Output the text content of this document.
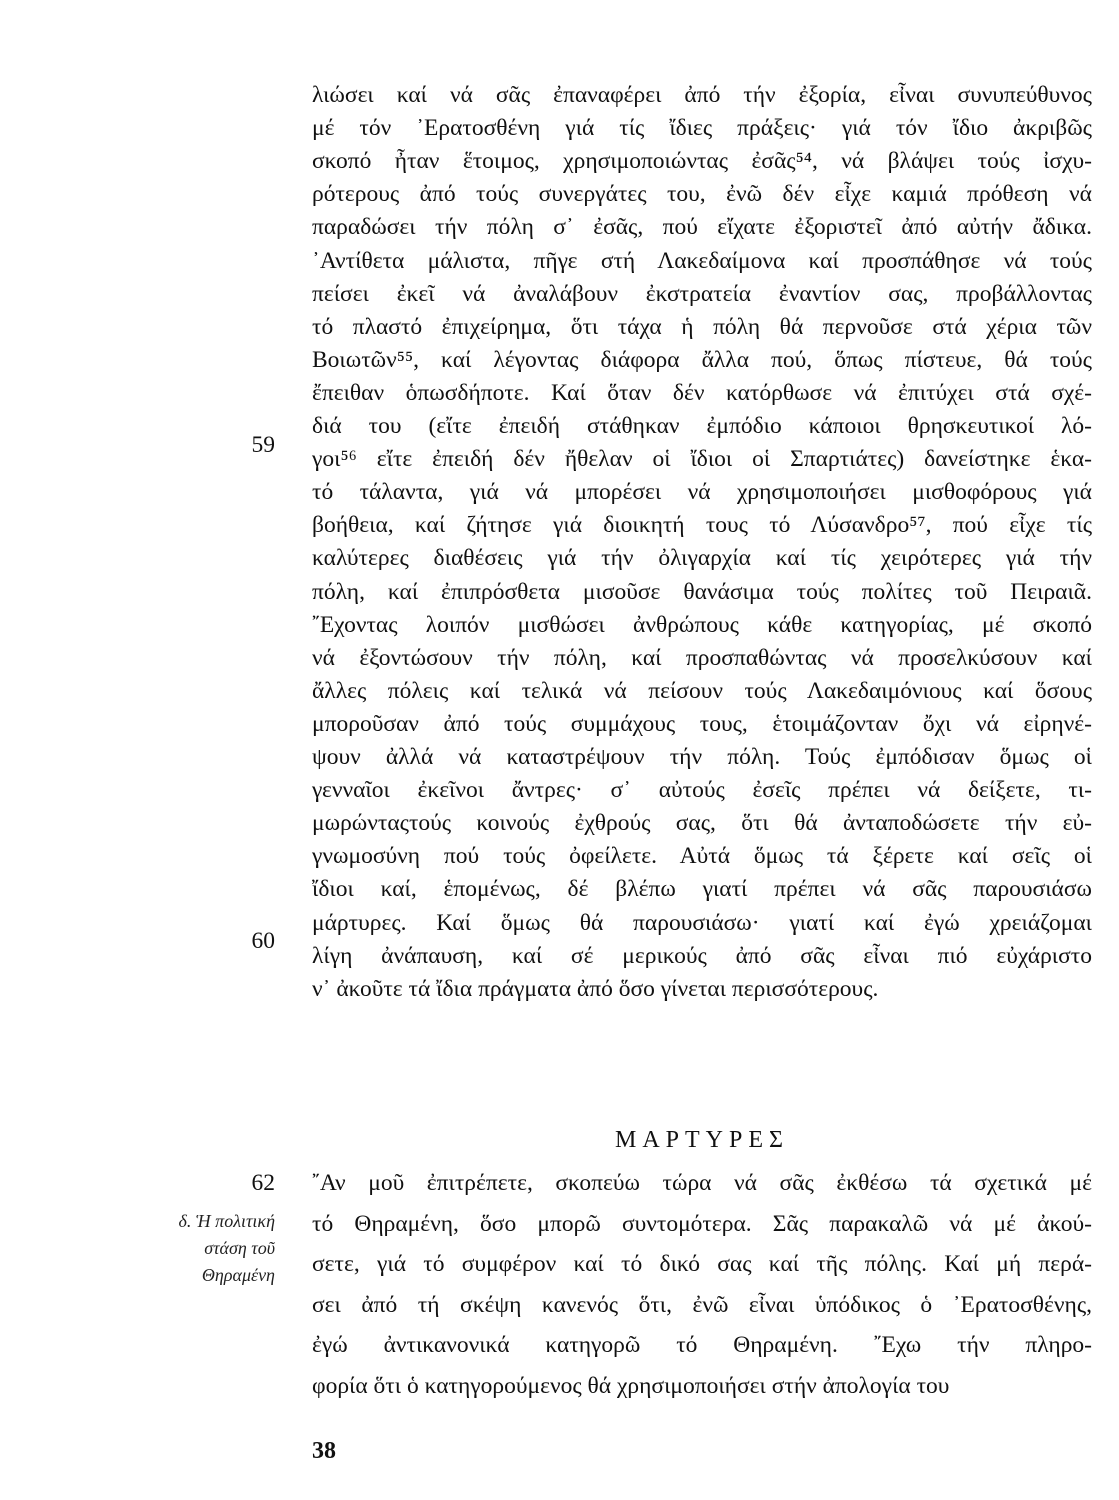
λιώσει καί νά σᾶς ἐπαναφέρει ἀπό τήν ἐξορία, εἶναι συνυπεύθυνος
μέ τόν ᾽Ερατοσθένη γιά τίς ἴδιες πράξεις· γιά τόν ἴδιο ἀκριβῶς
σκοπό ἦταν ἕτοιμος, χρησιμοποιώντας ἐσᾶς⁵⁴, νά βλάψει τούς ἰσχυ-
ρότερους ἀπό τούς συνεργάτες του, ἐνῶ δέν εἶχε καμιά πρόθεση νά
παραδώσει τήν πόλη σ᾽ ἐσᾶς, πού εἴχατε ἐξοριστεῖ ἀπό αὐτήν ἄδικα.
᾽Αντίθετα μάλιστα, πῆγε στή Λακεδαίμονα καί προσπάθησε νά τούς
πείσει ἐκεῖ νά ἀναλάβουν ἐκστρατεία ἐναντίον σας, προβάλλοντας
τό πλαστό ἐπιχείρημα, ὅτι τάχα ἡ πόλη θά περνοῦσε στά χέρια τῶν
Βοιωτῶν⁵⁵, καί λέγοντας διάφορα ἄλλα πού, ὅπως πίστευε, θά τούς
ἔπειθαν ὁπωσδήποτε. Καί ὅταν δέν κατόρθωσε νά ἐπιτύχει στά σχέ-
διά του (εἴτε ἐπειδή στάθηκαν ἐμπόδιο κάποιοι θρησκευτικοί λό-
γοι⁵⁶ εἴτε ἐπειδή δέν ἤθελαν οἱ ἴδιοι οἱ Σπαρτιάτες) δανείστηκε ἑκα-
τό τάλαντα, γιά νά μπορέσει νά χρησιμοποιήσει μισθοφόρους γιά
βοήθεια, καί ζήτησε γιά διοικητή τους τό Λύσανδρο⁵⁷, πού εἶχε τίς
καλύτερες διαθέσεις γιά τήν ὀλιγαρχία καί τίς χειρότερες γιά τήν
πόλη, καί ἐπιπρόσθετα μισοῦσε θανάσιμα τούς πολίτες τοῦ Πειραιᾶ.
῎Εχοντας λοιπόν μισθώσει ἀνθρώπους κάθε κατηγορίας, μέ σκοπό
νά ἐξοντώσουν τήν πόλη, καί προσπαθώντας νά προσελκύσουν καί
ἄλλες πόλεις καί τελικά νά πείσουν τούς Λακεδαιμόνιους καί ὅσους
μποροῦσαν ἀπό τούς συμμάχους τους, ἑτοιμάζονταν ὄχι νά εἰρηνέ-
ψουν ἀλλά νά καταστρέψουν τήν πόλη. Τούς ἐμπόδισαν ὅμως οἱ
γενναῖοι ἐκεῖνοι ἄντρες· σ᾽ αὐτούς ἐσεῖς πρέπει νά δείξετε, τι-
μωρώνταςτούς κοινούς ἐχθρούς σας, ὅτι θά ἀνταποδώσετε τήν εὐ-
γνωμοσύνη πού τούς ὀφείλετε. Αὐτά ὅμως τά ξέρετε καί σεῖς οἱ
ἴδιοι καί, ἑπομένως, δέ βλέπω γιατί πρέπει νά σᾶς παρουσιάσω
μάρτυρες. Καί ὅμως θά παρουσιάσω· γιατί καί ἐγώ χρειάζομαι
λίγη ἀνάπαυση, καί σέ μερικούς ἀπό σᾶς εἶναι πιό εὐχάριστο
ν᾽ ἀκοῦτε τά ἴδια πράγματα ἀπό ὅσο γίνεται περισσότερους.
59
60
62
ΜΑΡΤΥΡΕΣ
δ. Ἡ πολιτική
στάση τοῦ
Θηραμένη
῎Αν μοῦ ἐπιτρέπετε, σκοπεύω τώρα νά σᾶς ἐκθέσω τά σχετικά μέ
τό Θηραμένη, ὅσο μπορῶ συντομότερα. Σᾶς παρακαλῶ νά μέ ἀκού-
σετε, γιά τό συμφέρον καί τό δικό σας καί τῆς πόλης. Καί μή περά-
σει ἀπό τή σκέψη κανενός ὅτι, ἐνῶ εἶναι ὑπόδικος ὁ ᾽Ερατοσθένης,
ἐγώ ἀντικανονικά κατηγορῶ τό Θηραμένη. ῎Εχω τήν πληρο-
φορία ὅτι ὁ κατηγορούμενος θά χρησιμοποιήσει στήν ἀπολογία του
38
